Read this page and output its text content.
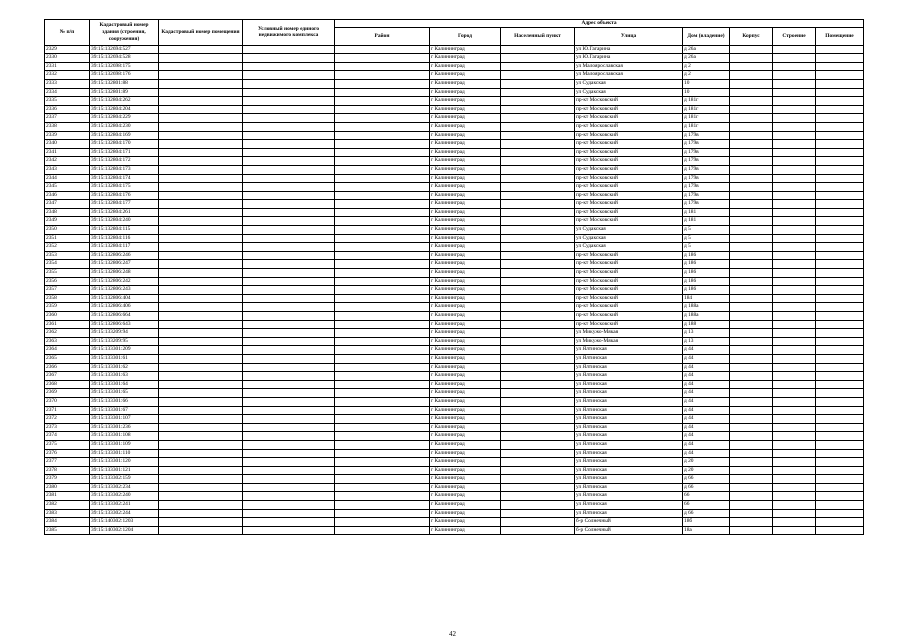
№ п/п	Кадастровый номер здания (строения, сооружения)	Кадастровый номер помещения	Условный номер единого недвижимого комплекса	Адрес объекта							
				Район	Город	Населенный пункт	Улица	Дом (владение)	Корпус	Строение	Помещение
2329	39:15:132694:527				г Калининград		ул Ю.Гагарина	д 26а			
2330	39:15:132694:528				г Калининград		ул Ю.Гагарина	д 26а			
2331	39:15:132698:175				г Калининград		ул Малоярославская	д 2			
2332	39:15:132698:176				г Калининград		ул Малоярославская	д 2			
2333	39:15:132801:88				г Калининград		ул Судакская	10			
2334	39:15:132801:89				г Калининград		ул Судакская	10			
2335	39:15:132804:262				г Калининград		пр-кт Московский	д 181г			
2336	39:15:132804:204				г Калининград		пр-кт Московский	д 181г			
2337	39:15:132804:229				г Калининград		пр-кт Московский	д 181г			
2338	39:15:132804:230				г Калининград		пр-кт Московский	д 181г			
2339	39:15:132804:169				г Калининград		пр-кт Московский	д 179в			
2340	39:15:132804:170				г Калининград		пр-кт Московский	д 179в			
2341	39:15:132804:171				г Калининград		пр-кт Московский	д 179в			
2342	39:15:132804:172				г Калининград		пр-кт Московский	д 179в			
2343	39:15:132804:173				г Калининград		пр-кт Московский	д 179в			
2344	39:15:132804:174				г Калининград		пр-кт Московский	д 179в			
2345	39:15:132804:175				г Калининград		пр-кт Московский	д 179в			
2346	39:15:132804:176				г Калининград		пр-кт Московский	д 179в			
2347	39:15:132804:177				г Калининград		пр-кт Московский	д 179в			
2348	39:15:132804:261				г Калининград		пр-кт Московский	д 181			
2349	39:15:132804:240				г Калининград		пр-кт Московский	д 181			
2350	39:15:132804:115				г Калининград		ул Судакская	д 5			
2351	39:15:132804:116				г Калининград		ул Судакская	д 5			
2352	39:15:132804:117				г Калининград		ул Судакская	д 5			
2353	39:15:132806:246				г Калининград		пр-кт Московский	д 186			
2354	39:15:132806:247				г Калининград		пр-кт Московский	д 186			
2355	39:15:132806:248				г Калининград		пр-кт Московский	д 186			
2356	39:15:132806:242				г Калининград		пр-кт Московский	д 186			
2357	39:15:132806:243				г Калининград		пр-кт Московский	д 186			
2358	39:15:132806:404				г Калининград		пр-кт Московский	184			
2359	39:15:132806:406				г Калининград		пр-кт Московский	д 188а			
2360	39:15:132806:664				г Калининград		пр-кт Московский	д 188а			
2361	39:15:132806:643				г Калининград		пр-кт Московский	д 188			
2362	39:15:133209:94				г Калининград		ул Микужо-Мякая	д 13			
2363	39:15:133209:95				г Калининград		ул Микужо-Мякая	д 13			
2364	39:15:133301:209				г Калининград		ул Ялтинская	д 44			
2365	39:15:133301:61				г Калининград		ул Ялтинская	д 44			
2366	39:15:133301:62				г Калининград		ул Ялтинская	д 44			
2367	39:15:133301:63				г Калининград		ул Ялтинская	д 44			
2368	39:15:133301:64				г Калининград		ул Ялтинская	д 44			
2369	39:15:133301:65				г Калининград		ул Ялтинская	д 44			
2370	39:15:133301:66				г Калининград		ул Ялтинская	д 44			
2371	39:15:133301:67				г Калининград		ул Ялтинская	д 44			
2372	39:15:133301:107				г Калининград		ул Ялтинская	д 44			
2373	39:15:133301:236				г Калининград		ул Ялтинская	д 44			
2374	39:15:133301:108				г Калининград		ул Ялтинская	д 44			
2375	39:15:133301:109				г Калининград		ул Ялтинская	д 44			
2376	39:15:133301:110				г Калининград		ул Ялтинская	д 44			
2377	39:15:133301:120				г Калининград		ул Ялтинская	д 20			
2378	39:15:133301:121				г Калининград		ул Ялтинская	д 20			
2379	39:15:133302:159				г Калининград		ул Ялтинская	д 66			
2380	39:15:133302:234				г Калининград		ул Ялтинская	д 66			
2381	39:15:133302:240				г Калининград		ул Ялтинская	66			
2382	39:15:133302:241				г Калининград		ул Ялтинская	66			
2383	39:15:133302:244				г Калининград		ул Ялтинская	д 66			
2384	39:15:140302:1203				г Калининград		б-р Солнечный	18б			
2385	39:15:140302:1204				г Калининград		б-р Солнечный	18а			
42
